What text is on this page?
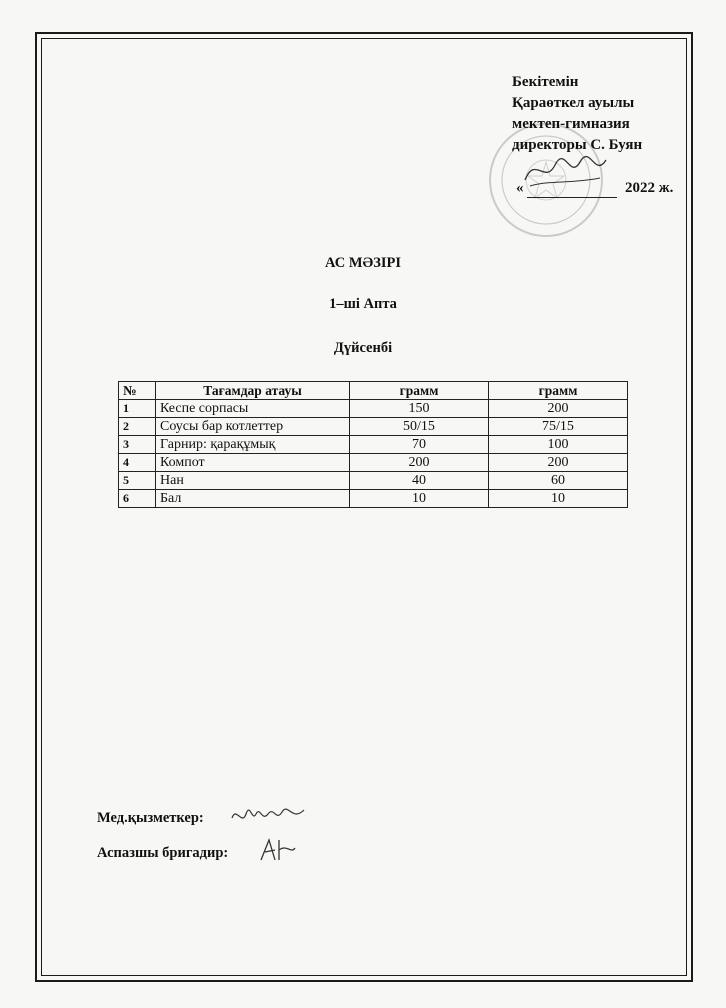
Бекітемін
Қараөткел ауылы
мектеп-гимназия
директоры С. Буян
«	2022 ж.
АС МӘЗІРІ
1–ші Апта
Дүйсенбі
№	Тағамдар атауы	грамм	грамм
1	Кеспе сорпасы	150	200
2	Соусы бар котлеттер	50/15	75/15
3	Гарнир: қарақұмық	70	100
4	Компот	200	200
5	Нан	40	60
6	Бал	10	10
Мед.қызметкер:
Аспазшы бригадир:
